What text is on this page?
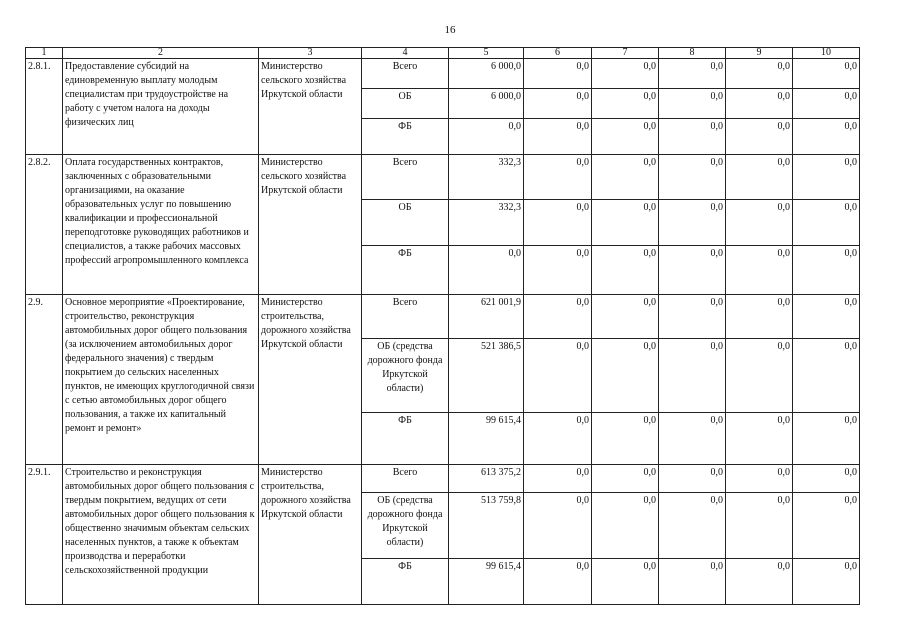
16
1	2	3	4	5	6	7	8	9	10
2.8.1.	Предоставление субсидий на единовременную выплату молодым специалистам при трудоустройстве на работу с учетом налога на доходы физических лиц	Министерство сельского хозяйства Иркутской области	Всего	6 000,0	0,0	0,0	0,0	0,0	0,0
			ОБ	6 000,0	0,0	0,0	0,0	0,0	0,0
			ФБ	0,0	0,0	0,0	0,0	0,0	0,0
2.8.2.	Оплата государственных контрактов, заключенных с образовательными организациями, на оказание образовательных услуг по повышению квалификации и профессиональной переподготовке руководящих работников и специалистов, а также рабочих массовых профессий агропромышленного комплекса	Министерство сельского хозяйства Иркутской области	Всего	332,3	0,0	0,0	0,0	0,0	0,0
			ОБ	332,3	0,0	0,0	0,0	0,0	0,0
			ФБ	0,0	0,0	0,0	0,0	0,0	0,0
2.9.	Основное мероприятие «Проектирование, строительство, реконструкция автомобильных дорог общего пользования (за исключением автомобильных дорог федерального значения) с твердым покрытием до сельских населенных пунктов, не имеющих круглогодичной связи с сетью автомобильных дорог общего пользования, а также их капитальный ремонт и ремонт»	Министерство строительства, дорожного хозяйства Иркутской области	Всего	621 001,9	0,0	0,0	0,0	0,0	0,0
			ОБ (средства дорожного фонда Иркутской области)	521 386,5	0,0	0,0	0,0	0,0	0,0
			ФБ	99 615,4	0,0	0,0	0,0	0,0	0,0
2.9.1.	Строительство и реконструкция автомобильных дорог общего пользования с твердым покрытием, ведущих от сети автомобильных дорог общего пользования к общественно значимым объектам сельских населенных пунктов, а также к объектам производства и переработки сельскохозяйственной продукции	Министерство строительства, дорожного хозяйства Иркутской области	Всего	613 375,2	0,0	0,0	0,0	0,0	0,0
			ОБ (средства дорожного фонда Иркутской области)	513 759,8	0,0	0,0	0,0	0,0	0,0
			ФБ	99 615,4	0,0	0,0	0,0	0,0	0,0
